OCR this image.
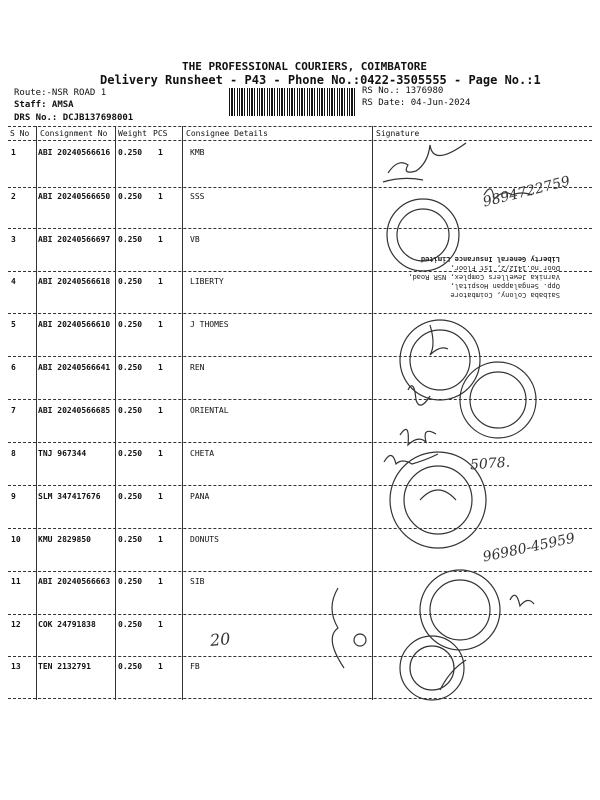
THE PROFESSIONAL COURIERS, COIMBATORE
Delivery Runsheet - P43 - Phone No.:0422-3505555 - Page No.:1
Route:-NSR ROAD 1
Staff: AMSA
DRS No.: DCJB137698001
RS No.: 1376980
RS Date: 04-Jun-2024
S No Consignment No Weight PCS Consignee Details	Signature
1	ABI 20240566616 0.250 1	KMB
2	ABI 20240566650 0.250 1	SSS
3	ABI 20240566697 0.250 1	VB
4	ABI 20240566618 0.250 1	LIBERTY
5	ABI 20240566610 0.250 1	J THOMES
6	ABI 20240566641 0.250 1	REN
7	ABI 20240566685 0.250 1	ORIENTAL
8	TNJ 967344	0.250 1	CHETA
9	SLM 347417676 0.250 1	PANA
10 KMU 2829850	0.250 1	DONUTS
11 ABI 20240566663 0.250 1	SIB
12 COK 24791838	0.250 1
13 TEN 2132791	0.250 1	FB
9894722759
5078.
96980-45959
20
Saibaba Colony, Coimbatore
Opp. Sengalappan Hospital,
Varnika Jewellers Complex, NSR Road,
Door no.1412/2, 1st Floor,
Liberty General Insurance Limited
